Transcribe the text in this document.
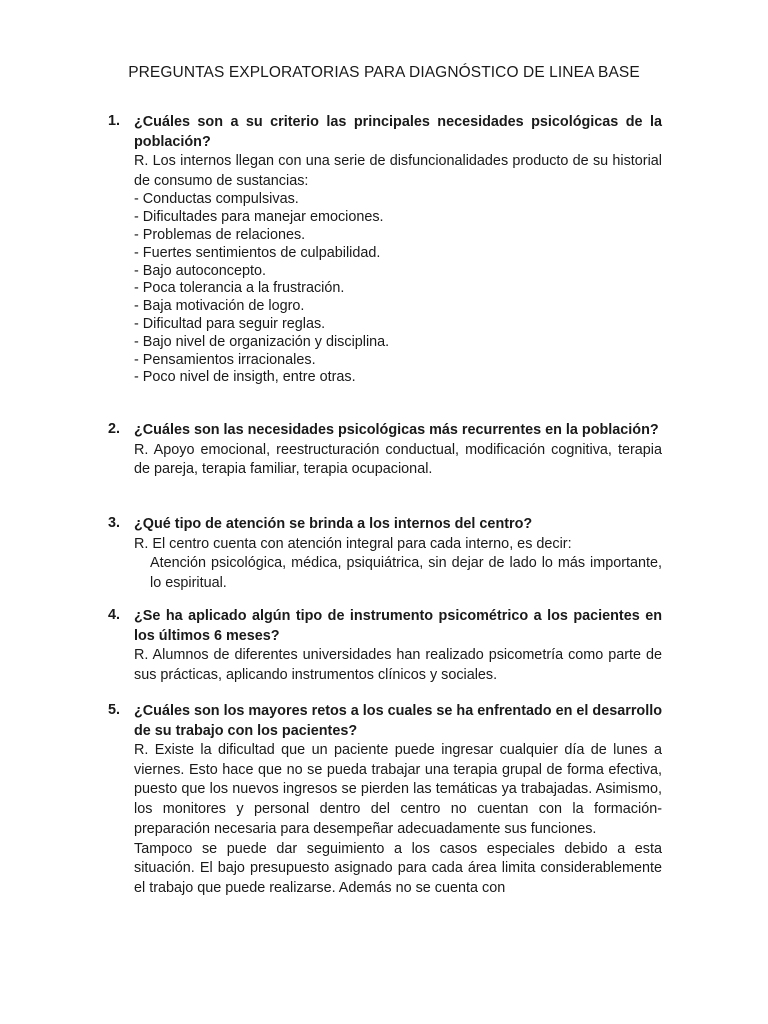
PREGUNTAS EXPLORATORIAS PARA DIAGNÓSTICO DE LINEA BASE
1. ¿Cuáles son a su criterio las principales necesidades psicológicas de la población?

R. Los internos llegan con una serie de disfuncionalidades producto de su historial de consumo de sustancias:

- Conductas compulsivas.
- Dificultades para manejar emociones.
- Problemas de relaciones.
- Fuertes sentimientos de culpabilidad.
- Bajo autoconcepto.
- Poca tolerancia a la frustración.
- Baja motivación de logro.
- Dificultad para seguir reglas.
- Bajo nivel de organización y disciplina.
- Pensamientos irracionales.
- Poco nivel de insigth, entre otras.
2. ¿Cuáles son las necesidades psicológicas más recurrentes en la población?

R. Apoyo emocional, reestructuración conductual, modificación cognitiva, terapia de pareja, terapia familiar, terapia ocupacional.

3. ¿Qué tipo de atención se brinda a los internos del centro?

R. El centro cuenta con atención integral para cada interno, es decir:

Atención psicológica, médica, psiquiátrica, sin dejar de lado lo más importante, lo espiritual.

4. ¿Se ha aplicado algún tipo de instrumento psicométrico a los pacientes en los últimos 6 meses?

R. Alumnos de diferentes universidades han realizado psicometría como parte de sus prácticas, aplicando instrumentos clínicos y sociales.

5. ¿Cuáles son los mayores retos a los cuales se ha enfrentado en el desarrollo de su trabajo con los pacientes?

R. Existe la dificultad que un paciente puede ingresar cualquier día de lunes a viernes. Esto hace que no se pueda trabajar una terapia grupal de forma efectiva, puesto que los nuevos ingresos se pierden las temáticas ya trabajadas. Asimismo, los monitores y personal dentro del centro no cuentan con la formación-preparación necesaria para desempeñar adecuadamente sus funciones.

Tampoco se puede dar seguimiento a los casos especiales debido a esta situación. El bajo presupuesto asignado para cada área limita considerablemente el trabajo que puede realizarse. Además no se cuenta con
